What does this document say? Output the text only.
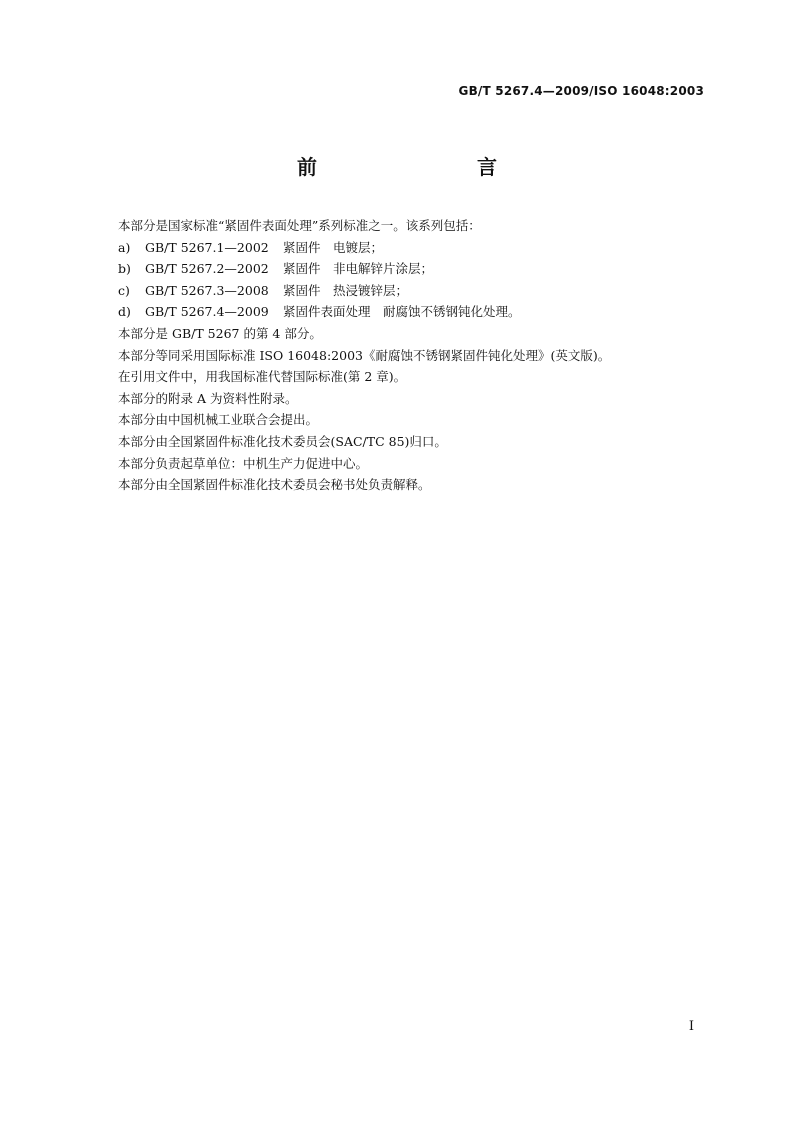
GB/T 5267.4—2009/ISO 16048:2003
前　　言
本部分是国家标准“紧固件表面处理”系列标准之一。该系列包括：
a)	GB/T 5267.1—2002	紧固件　电镀层；
b)	GB/T 5267.2—2002	紧固件　非电解锌片涂层；
c)	GB/T 5267.3—2008	紧固件　热浸镀锌层；
d)	GB/T 5267.4—2009	紧固件表面处理　耐腐蚀不锈钢钝化处理。
本部分是 GB/T 5267 的第 4 部分。
本部分等同采用国际标准 ISO 16048:2003《耐腐蚀不锈钢紧固件钝化处理》(英文版)。
在引用文件中，用我国标准代替国际标准(第 2 章)。
本部分的附录 A 为资料性附录。
本部分由中国机械工业联合会提出。
本部分由全国紧固件标准化技术委员会(SAC/TC 85)归口。
本部分负责起草单位：中机生产力促进中心。
本部分由全国紧固件标准化技术委员会秘书处负责解释。
I
